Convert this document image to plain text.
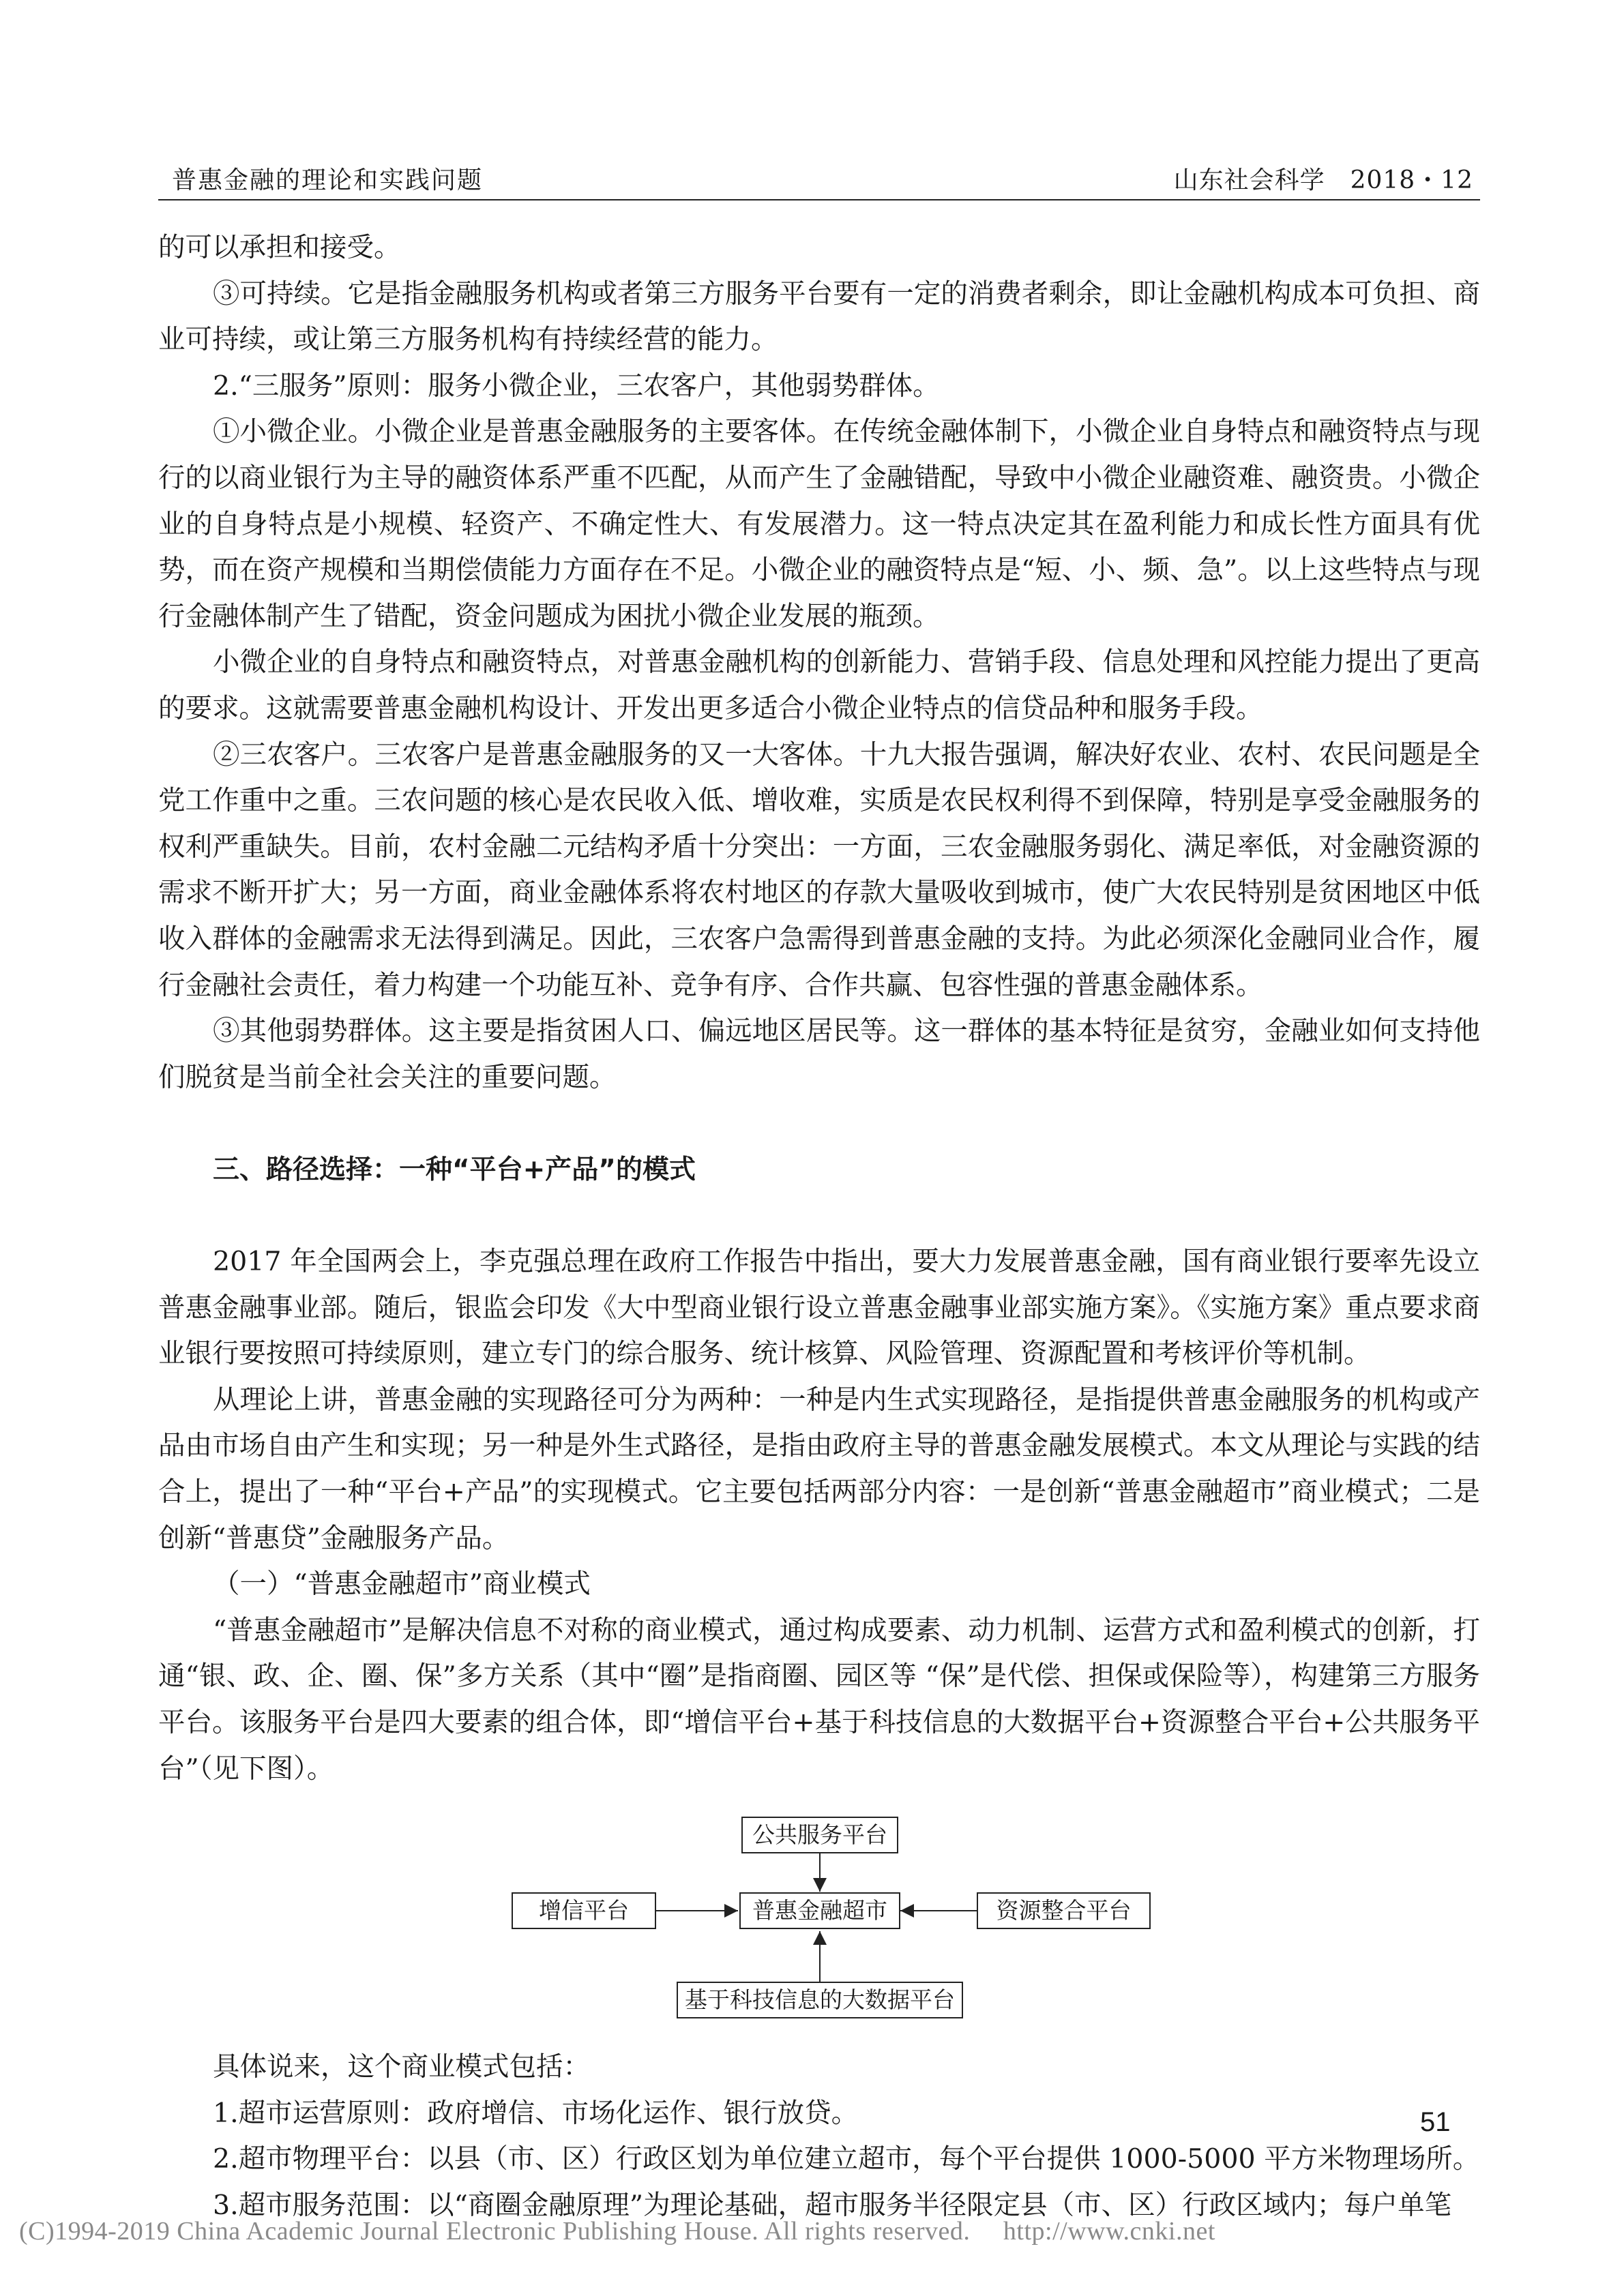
普惠金融的理论和实践问题	山东社会科学　2018・12

的可以承担和接受。

③可持续。它是指金融服务机构或者第三方服务平台要有一定的消费者剩余，即让金融机构成本可负担、商业可持续，或让第三方服务机构有持续经营的能力。

2.“三服务”原则：服务小微企业，三农客户，其他弱势群体。

①小微企业。小微企业是普惠金融服务的主要客体。在传统金融体制下，小微企业自身特点和融资特点与现行的以商业银行为主导的融资体系严重不匹配，从而产生了金融错配，导致中小微企业融资难、融资贵。小微企业的自身特点是小规模、轻资产、不确定性大、有发展潜力。这一特点决定其在盈利能力和成长性方面具有优势，而在资产规模和当期偿债能力方面存在不足。小微企业的融资特点是“短、小、频、急”。以上这些特点与现行金融体制产生了错配，资金问题成为困扰小微企业发展的瓶颈。

小微企业的自身特点和融资特点，对普惠金融机构的创新能力、营销手段、信息处理和风控能力提出了更高的要求。这就需要普惠金融机构设计、开发出更多适合小微企业特点的信贷品种和服务手段。

②三农客户。三农客户是普惠金融服务的又一大客体。十九大报告强调，解决好农业、农村、农民问题是全党工作重中之重。三农问题的核心是农民收入低、增收难，实质是农民权利得不到保障，特别是享受金融服务的权利严重缺失。目前，农村金融二元结构矛盾十分突出：一方面，三农金融服务弱化、满足率低，对金融资源的需求不断开扩大；另一方面，商业金融体系将农村地区的存款大量吸收到城市，使广大农民特别是贫困地区中低收入群体的金融需求无法得到满足。因此，三农客户急需得到普惠金融的支持。为此必须深化金融同业合作，履行金融社会责任，着力构建一个功能互补、竞争有序、合作共赢、包容性强的普惠金融体系。

③其他弱势群体。这主要是指贫困人口、偏远地区居民等。这一群体的基本特征是贫穷，金融业如何支持他们脱贫是当前全社会关注的重要问题。

三、路径选择：一种“平台+产品”的模式

2017 年全国两会上，李克强总理在政府工作报告中指出，要大力发展普惠金融，国有商业银行要率先设立普惠金融事业部。随后，银监会印发《大中型商业银行设立普惠金融事业部实施方案》。《实施方案》重点要求商业银行要按照可持续原则，建立专门的综合服务、统计核算、风险管理、资源配置和考核评价等机制。

从理论上讲，普惠金融的实现路径可分为两种：一种是内生式实现路径，是指提供普惠金融服务的机构或产品由市场自由产生和实现；另一种是外生式路径，是指由政府主导的普惠金融发展模式。本文从理论与实践的结合上，提出了一种“平台+产品”的实现模式。它主要包括两部分内容：一是创新“普惠金融超市”商业模式；二是创新“普惠贷”金融服务产品。

（一）“普惠金融超市”商业模式

“普惠金融超市”是解决信息不对称的商业模式，通过构成要素、动力机制、运营方式和盈利模式的创新，打通“银、政、企、圈、保”多方关系（其中“圈”是指商圈、园区等 “保”是代偿、担保或保险等），构建第三方服务平台。该服务平台是四大要素的组合体，即“增信平台+基于科技信息的大数据平台+资源整合平台+公共服务平台”（见下图）。

公共服务平台
增信平台	普惠金融超市	资源整合平台
基于科技信息的大数据平台

具体说来，这个商业模式包括：

1.超市运营原则：政府增信、市场化运作、银行放贷。

2.超市物理平台：以县（市、区）行政区划为单位建立超市，每个平台提供 1000-5000 平方米物理场所。

3.超市服务范围：以“商圈金融原理”为理论基础，超市服务半径限定县（市、区）行政区域内；每户单笔

51
(C)1994-2019 China Academic Journal Electronic Publishing House. All rights reserved.　 http://www.cnki.net
